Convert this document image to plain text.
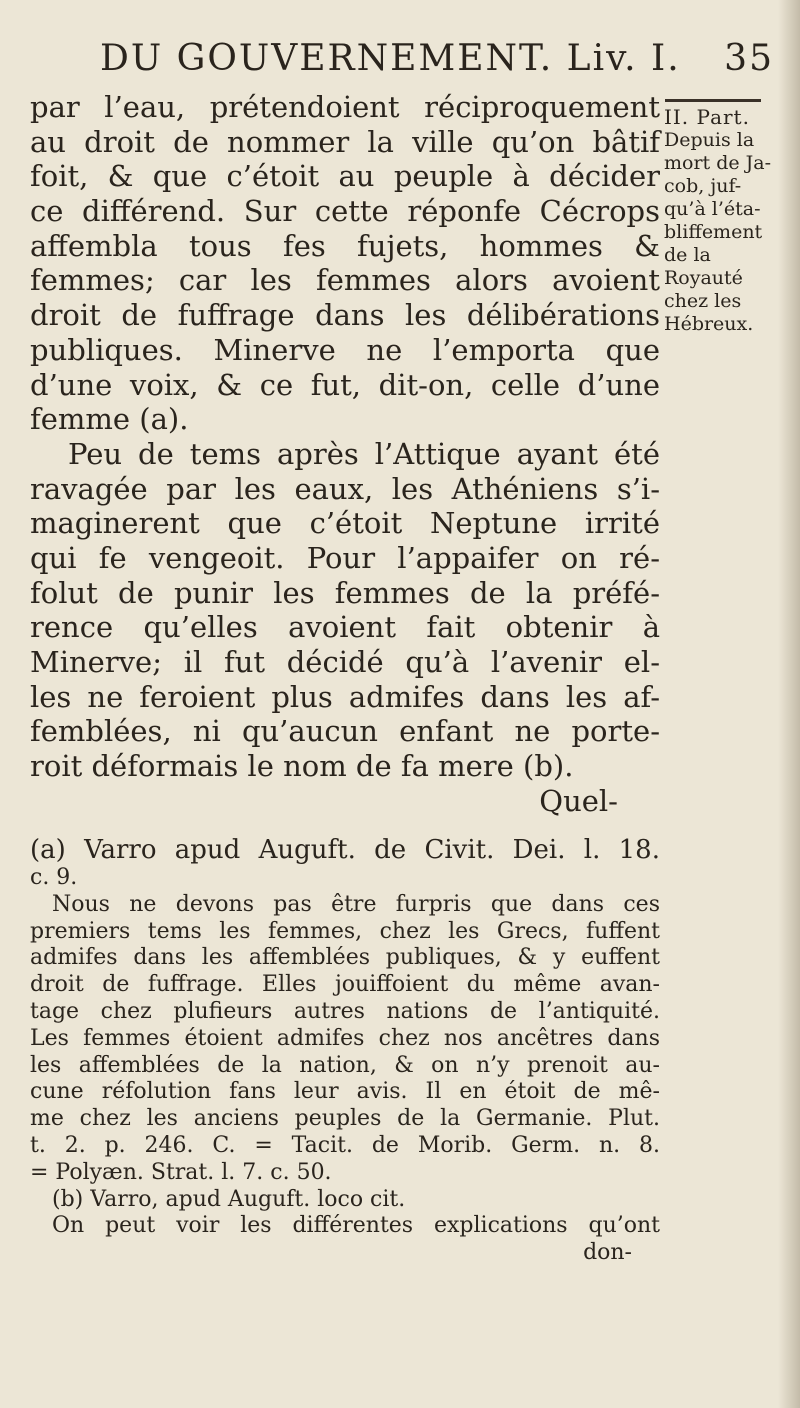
DU GOUVERNEMENT. Liv. I. 35
par l’eau, prétendoient réciproquement
au droit de nommer la ville qu’on bâtif
foit, & que c’étoit au peuple à décider
ce différend. Sur cette réponfe Cécrops
affembla tous fes fujets, hommes &
femmes; car les femmes alors avoient
droit de fuffrage dans les délibérations
publiques. Minerve ne l’emporta que
d’une voix, & ce fut, dit-on, celle d’une
femme (a).
Peu de tems après l’Attique ayant été
ravagée par les eaux, les Athéniens s’i-
maginerent que c’étoit Neptune irrité
qui fe vengeoit. Pour l’appaifer on ré-
folut de punir les femmes de la préfé-
rence qu’elles avoient fait obtenir à
Minerve; il fut décidé qu’à l’avenir el-
les ne feroient plus admifes dans les af-
femblées, ni qu’aucun enfant ne porte-
roit déformais le nom de fa mere (b).
Quel-
II. Part.
Depuis la
mort de Ja-
cob, juf-
qu’à l’éta-
bliffement
de la
Royauté
chez les
Hébreux.
(a) Varro apud Auguft. de Civit. Dei. l. 18.
c. 9.
Nous ne devons pas être furpris que dans ces
premiers tems les femmes, chez les Grecs, fuffent
admifes dans les affemblées publiques, & y euffent
droit de fuffrage. Elles jouiffoient du même avan-
tage chez plufieurs autres nations de l’antiquité.
Les femmes étoient admifes chez nos ancêtres dans
les affemblées de la nation, & on n’y prenoit au-
cune réfolution fans leur avis. Il en étoit de mê-
me chez les anciens peuples de la Germanie. Plut.
t. 2. p. 246. C. = Tacit. de Morib. Germ. n. 8.
= Polyæn. Strat. l. 7. c. 50.
(b) Varro, apud Auguft. loco cit.
On peut voir les différentes explications qu’ont
don-
